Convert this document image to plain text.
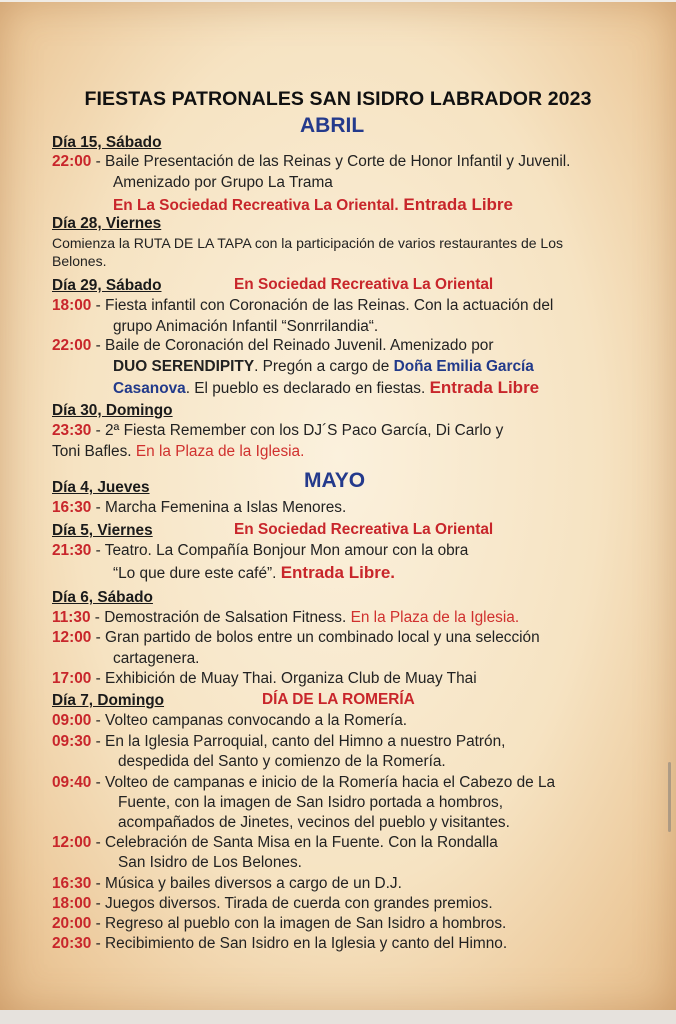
FIESTAS PATRONALES SAN ISIDRO LABRADOR 2023
ABRIL
Día 15, Sábado
22:00 - Baile Presentación de las Reinas y Corte de Honor Infantil y Juvenil.
Amenizado por Grupo La Trama
En La Sociedad Recreativa La Oriental. Entrada Libre
Día 28, Viernes
Comienza la RUTA DE LA TAPA con la participación de varios restaurantes de Los
Belones.
Día 29, Sábado	En Sociedad Recreativa La Oriental
18:00 - Fiesta infantil con Coronación de las Reinas. Con la actuación del
grupo Animación Infantil “Sonrrilandia“.
22:00 - Baile de Coronación del Reinado Juvenil. Amenizado por
DUO SERENDIPITY. Pregón a cargo de Doña Emilia García
Casanova. El pueblo es declarado en fiestas. Entrada Libre
Día 30, Domingo
23:30 - 2ª Fiesta Remember con los DJ´S Paco García, Di Carlo y
Toni Bafles. En la Plaza de la Iglesia.
MAYO
Día 4, Jueves
16:30 - Marcha Femenina a Islas Menores.
Día 5, Viernes	En Sociedad Recreativa La Oriental
21:30 - Teatro. La Compañía Bonjour Mon amour con la obra
“Lo que dure este café”. Entrada Libre.
Día 6, Sábado
11:30 - Demostración de Salsation Fitness. En la Plaza de la Iglesia.
12:00 - Gran partido de bolos entre un combinado local y una selección
cartagenera.
17:00 - Exhibición de Muay Thai. Organiza Club de Muay Thai
Día 7, Domingo	DÍA DE LA ROMERÍA
09:00 - Volteo campanas convocando a la Romería.
09:30 - En la Iglesia Parroquial, canto del Himno a nuestro Patrón,
despedida del Santo y comienzo de la Romería.
09:40 - Volteo de campanas e inicio de la Romería hacia el Cabezo de La
Fuente, con la imagen de San Isidro portada a hombros,
acompañados de Jinetes, vecinos del pueblo y visitantes.
12:00 - Celebración de Santa Misa en la Fuente. Con la Rondalla
San Isidro de Los Belones.
16:30 - Música y bailes diversos a cargo de un D.J.
18:00 - Juegos diversos. Tirada de cuerda con grandes premios.
20:00 - Regreso al pueblo con la imagen de San Isidro a hombros.
20:30 - Recibimiento de San Isidro en la Iglesia y canto del Himno.
